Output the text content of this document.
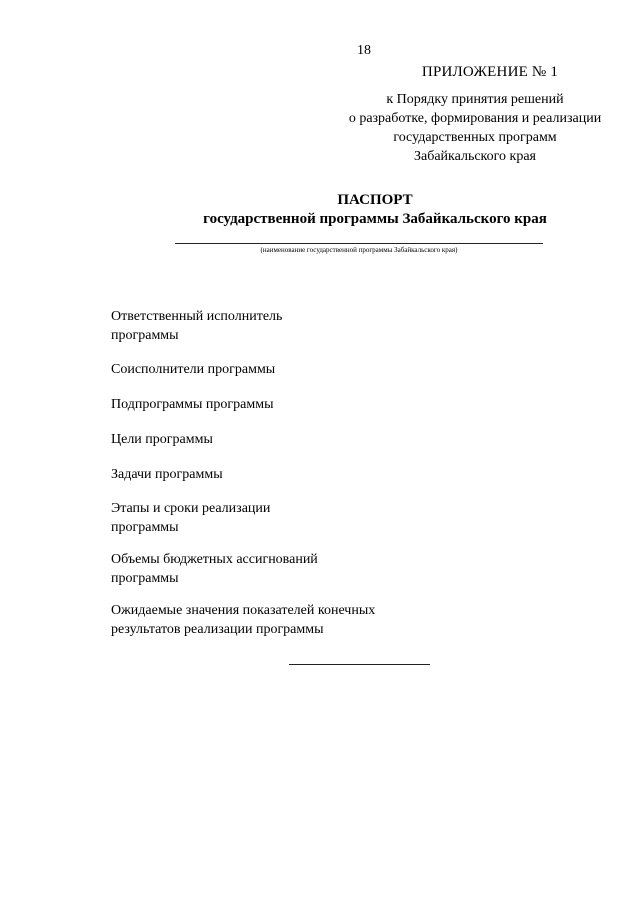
18
ПРИЛОЖЕНИЕ № 1
к Порядку принятия решений
о разработке, формирования и реализации
государственных программ
Забайкальского края
ПАСПОРТ
государственной программы Забайкальского края
(наименование государственной программы Забайкальского края)
Ответственный исполнитель
программы
Соисполнители программы
Подпрограммы программы
Цели программы
Задачи программы
Этапы и сроки реализации
программы
Объемы бюджетных ассигнований
программы
Ожидаемые значения показателей конечных
результатов реализации программы
